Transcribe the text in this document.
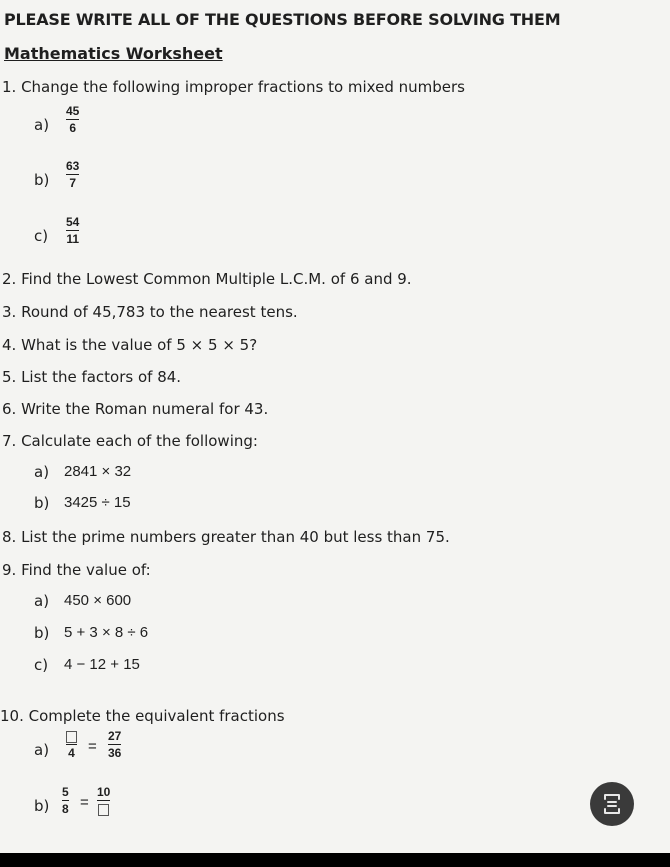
PLEASE WRITE ALL OF THE QUESTIONS BEFORE SOLVING THEM
Mathematics Worksheet
1. Change the following improper fractions to mixed numbers
a)
45
6
b)
63
7
c)
54
11
2. Find the Lowest Common Multiple L.C.M. of 6 and 9.
3. Round of 45,783 to the nearest tens.
4. What is the value of 5 × 5 × 5?
5. List the factors of 84.
6. Write the Roman numeral for 43.
7. Calculate each of the following:
a) 2841 × 32
b) 3425 ÷ 15
8. List the prime numbers greater than 40 but less than 75.
9. Find the value of:
a) 450 × 600
b) 5 + 3 × 8 ÷ 6
c) 4 − 12 + 15
10. Complete the equivalent fractions
a) 4 =
27
36
b)
5
8 =
10
